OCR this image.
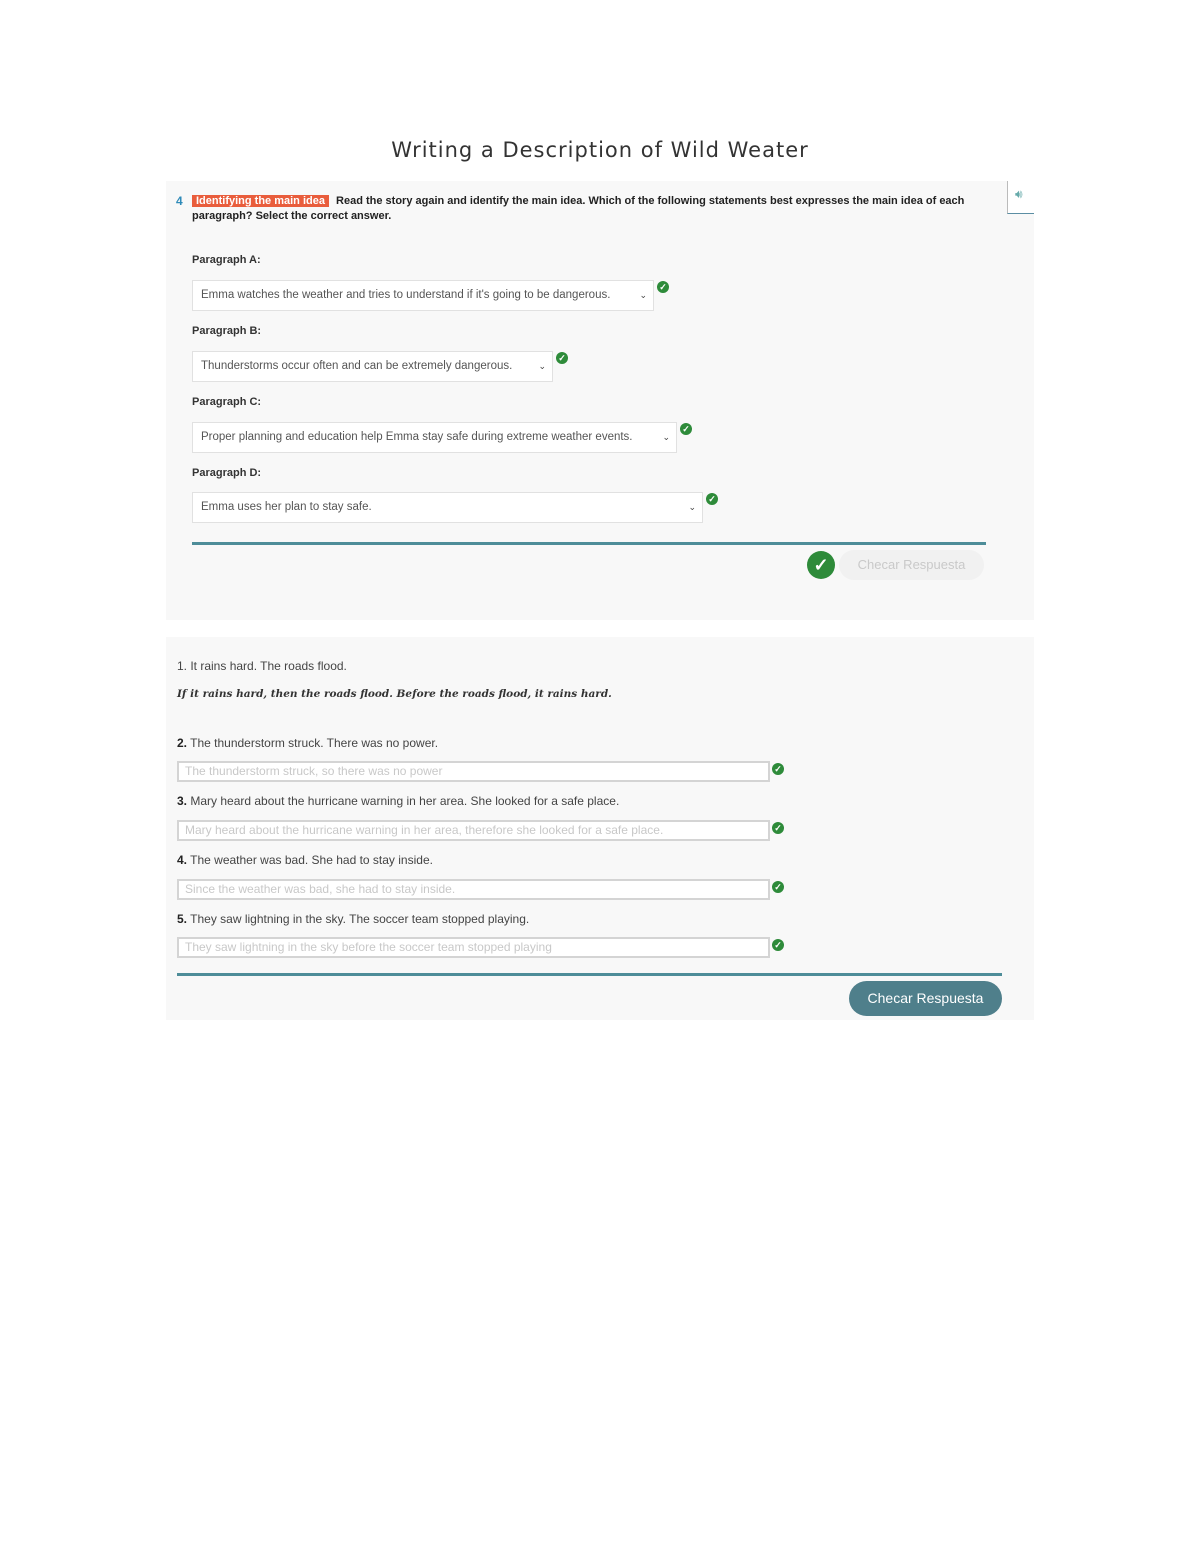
Writing a Description of Wild Weater
4	Identifying the main idea Read the story again and identify the main idea. Which of the following statements best expresses the main idea of each paragraph? Select the correct answer.
🔊︎
Paragraph A:
Emma watches the weather and tries to understand if it's going to be dangerous.	⌄
✓
Paragraph B:
Thunderstorms occur often and can be extremely dangerous.	⌄
✓
Paragraph C:
Proper planning and education help Emma stay safe during extreme weather events.	⌄
✓
Paragraph D:
Emma uses her plan to stay safe.	⌄
✓
✓	Checar Respuesta
1. It rains hard. The roads flood.
If it rains hard, then the roads flood. Before the roads flood, it rains hard.
2. The thunderstorm struck. There was no power.
The thunderstorm struck, so there was no power	✓
3. Mary heard about the hurricane warning in her area. She looked for a safe place.
Mary heard about the hurricane warning in her area, therefore she looked for a safe place.	✓
4. The weather was bad. She had to stay inside.
Since the weather was bad, she had to stay inside.	✓
5. They saw lightning in the sky. The soccer team stopped playing.
They saw lightning in the sky before the soccer team stopped playing	✓
Checar Respuesta
